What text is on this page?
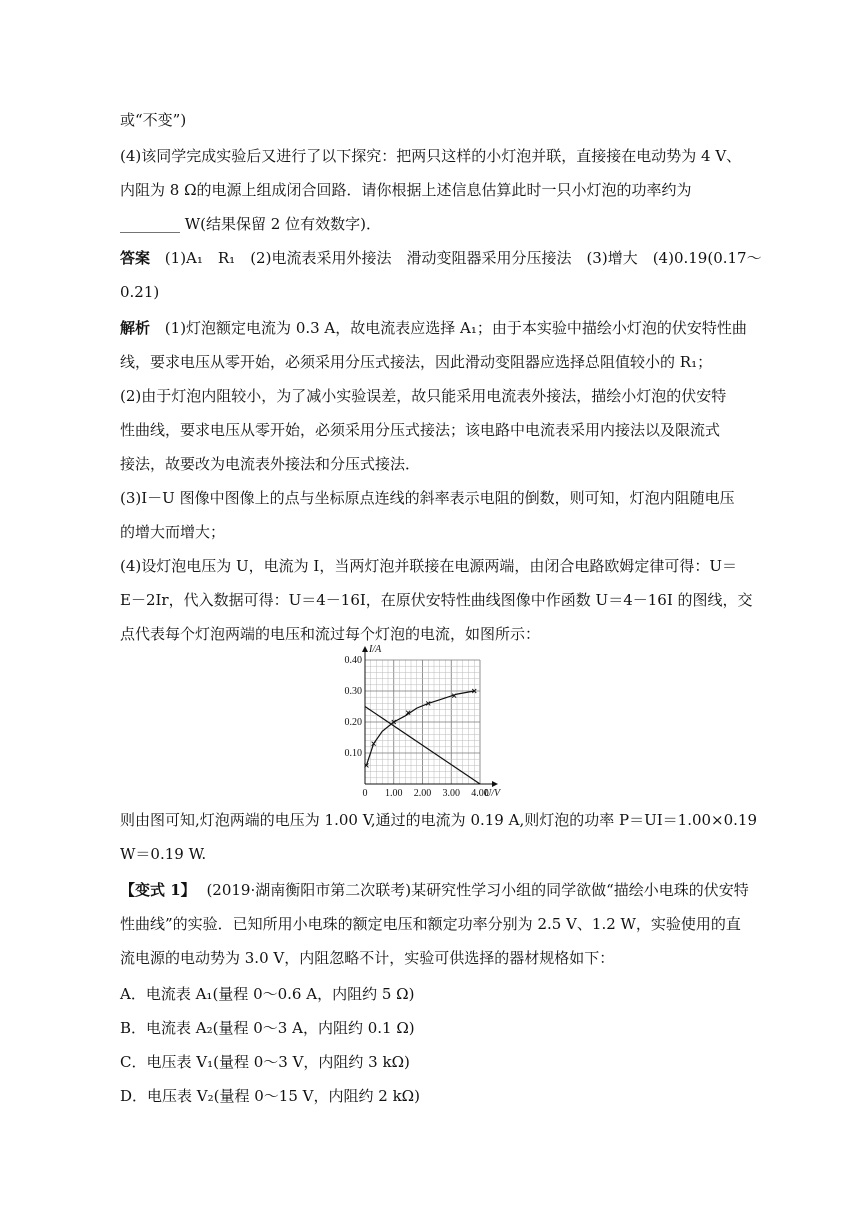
或“不变”)
(4)该同学完成实验后又进行了以下探究：把两只这样的小灯泡并联，直接接在电动势为 4 V、
内阻为 8 Ω的电源上组成闭合回路．请你根据上述信息估算此时一只小灯泡的功率约为
________ W(结果保留 2 位有效数字)．
答案 (1)A₁　R₁　(2)电流表采用外接法　滑动变阻器采用分压接法　(3)增大　(4)0.19(0.17～
0.21)
解析 (1)灯泡额定电流为 0.3 A，故电流表应选择 A₁；由于本实验中描绘小灯泡的伏安特性曲
线，要求电压从零开始，必须采用分压式接法，因此滑动变阻器应选择总阻值较小的 R₁；
(2)由于灯泡内阻较小，为了减小实验误差，故只能采用电流表外接法，描绘小灯泡的伏安特
性曲线，要求电压从零开始，必须采用分压式接法；该电路中电流表采用内接法以及限流式
接法，故要改为电流表外接法和分压式接法．
(3)I－U 图像中图像上的点与坐标原点连线的斜率表示电阻的倒数，则可知，灯泡内阻随电压
的增大而增大；
(4)设灯泡电压为 U，电流为 I，当两灯泡并联接在电源两端，由闭合电路欧姆定律可得：U＝
E－2Ir，代入数据可得：U＝4－16I，在原伏安特性曲线图像中作函数 U＝4－16I 的图线，交
点代表每个灯泡两端的电压和流过每个灯泡的电流，如图所示：
0 1.00 2.00 3.00 4.00
0.10
0.20
0.30
0.40
I/A
U/V
则由图可知,灯泡两端的电压为 1.00 V,通过的电流为 0.19 A,则灯泡的功率 P＝UI＝1.00×0.19
W＝0.19 W.
【变式 1】 (2019·湖南衡阳市第二次联考)某研究性学习小组的同学欲做“描绘小电珠的伏安特
性曲线”的实验．已知所用小电珠的额定电压和额定功率分别为 2.5 V、1.2 W，实验使用的直
流电源的电动势为 3.0 V，内阻忽略不计，实验可供选择的器材规格如下：
A．电流表 A₁(量程 0～0.6 A，内阻约 5 Ω)
B．电流表 A₂(量程 0～3 A，内阻约 0.1 Ω)
C．电压表 V₁(量程 0～3 V，内阻约 3 kΩ)
D．电压表 V₂(量程 0～15 V，内阻约 2 kΩ)
